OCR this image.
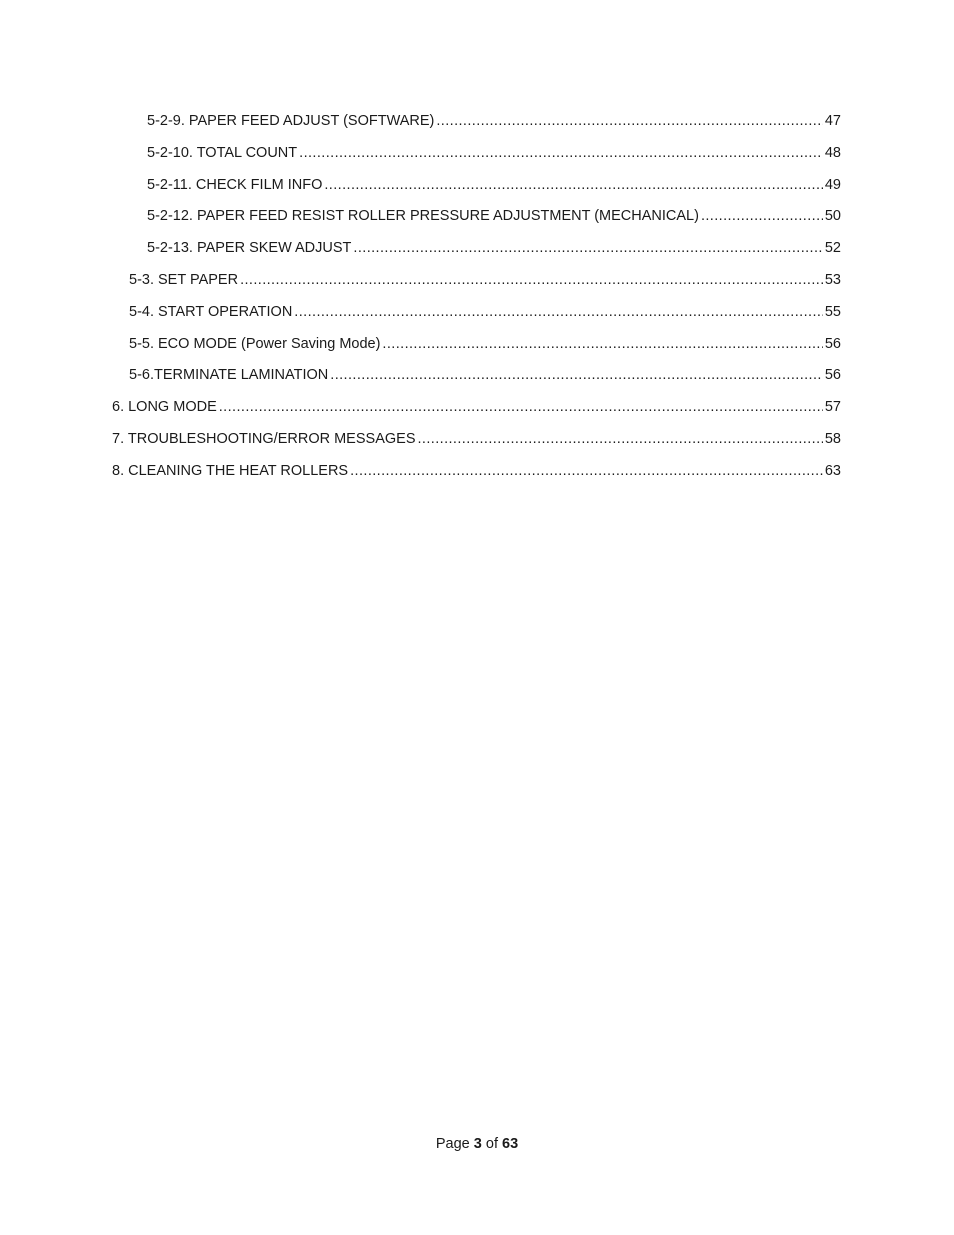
5-2-9. PAPER FEED ADJUST (SOFTWARE) .....	47
5-2-10. TOTAL COUNT .....	48
5-2-11. CHECK FILM INFO .....	49
5-2-12. PAPER FEED RESIST ROLLER PRESSURE ADJUSTMENT (MECHANICAL) .....	50
5-2-13. PAPER SKEW ADJUST .....	52
5-3. SET PAPER .....	53
5-4. START OPERATION .....	55
5-5. ECO MODE (Power Saving Mode) .....	56
5-6.TERMINATE LAMINATION .....	56
6. LONG MODE .....	57
7. TROUBLESHOOTING/ERROR MESSAGES .....	58
8. CLEANING THE HEAT ROLLERS .....	63
Page 3 of 63
